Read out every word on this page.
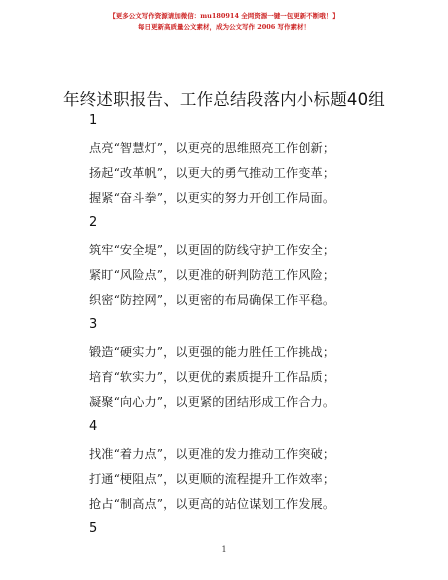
【更多公文写作资源请加微信：mu180914 全网资源一键一包更新不断哦！】
每日更新高质量公文素材，成为公文写作 2006 写作素材！
年终述职报告、工作总结段落内小标题40组
1
点亮“智慧灯”，以更亮的思维照亮工作创新；
扬起“改革帆”，以更大的勇气推动工作变革；
握紧“奋斗拳”，以更实的努力开创工作局面。
2
筑牢“安全堤”，以更固的防线守护工作安全；
紧盯“风险点”，以更准的研判防范工作风险；
织密“防控网”，以更密的布局确保工作平稳。
3
锻造“硬实力”，以更强的能力胜任工作挑战；
培育“软实力”，以更优的素质提升工作品质；
凝聚“向心力”，以更紧的团结形成工作合力。
4
找准“着力点”，以更准的发力推动工作突破；
打通“梗阻点”，以更顺的流程提升工作效率；
抢占“制高点”，以更高的站位谋划工作发展。
5
1
